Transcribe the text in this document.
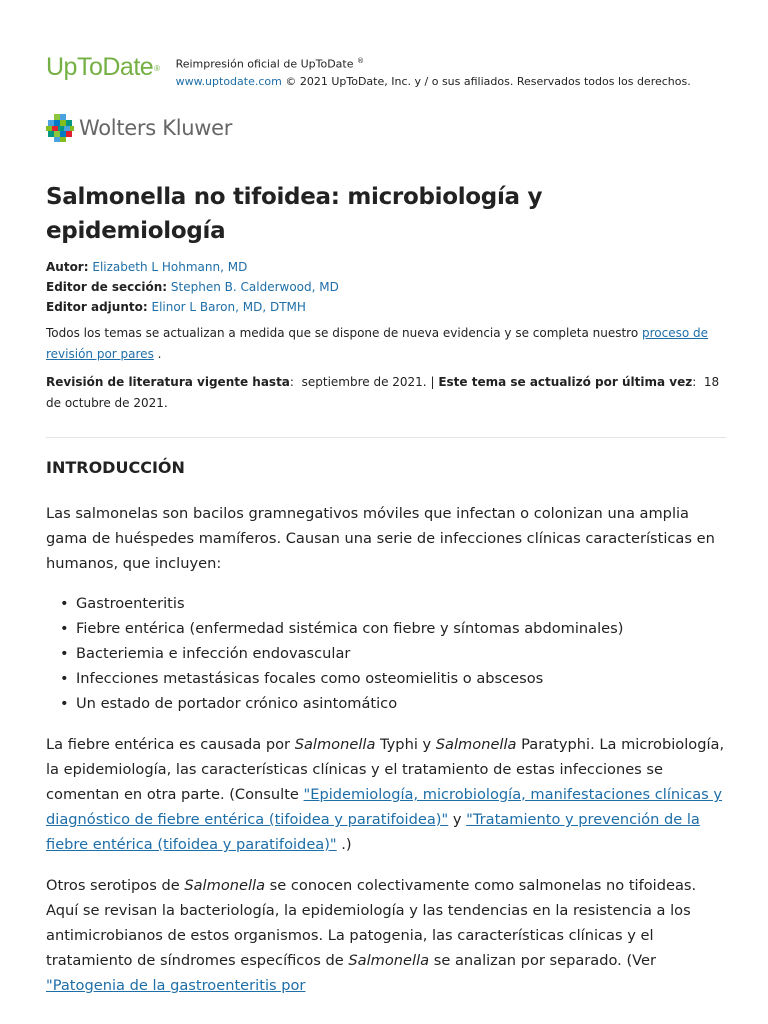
UpToDate® Reimpresión oficial de UpToDate ®
www.uptodate.com © 2021 UpToDate, Inc. y / o sus afiliados. Reservados todos los derechos.
Wolters Kluwer
Salmonella no tifoidea: microbiología y epidemiología
Autor: Elizabeth L Hohmann, MD
Editor de sección: Stephen B. Calderwood, MD
Editor adjunto: Elinor L Baron, MD, DTMH
Todos los temas se actualizan a medida que se dispone de nueva evidencia y se completa nuestro proceso de revisión por pares .
Revisión de literatura vigente hasta: septiembre de 2021. | Este tema se actualizó por última vez: 18 de octubre de 2021.
INTRODUCCIÓN

Las salmonelas son bacilos gramnegativos móviles que infectan o colonizan una amplia gama de huéspedes mamíferos. Causan una serie de infecciones clínicas características en humanos, que incluyen:

• Gastroenteritis
• Fiebre entérica (enfermedad sistémica con fiebre y síntomas abdominales)
• Bacteriemia e infección endovascular
• Infecciones metastásicas focales como osteomielitis o abscesos
• Un estado de portador crónico asintomático

La fiebre entérica es causada por Salmonella Typhi y Salmonella Paratyphi. La microbiología, la epidemiología, las características clínicas y el tratamiento de estas infecciones se comentan en otra parte. (Consulte "Epidemiología, microbiología, manifestaciones clínicas y diagnóstico de fiebre entérica (tifoidea y paratifoidea)" y "Tratamiento y prevención de la fiebre entérica (tifoidea y paratifoidea)" .)

Otros serotipos de Salmonella se conocen colectivamente como salmonelas no tifoideas. Aquí se revisan la bacteriología, la epidemiología y las tendencias en la resistencia a los antimicrobianos de estos organismos. La patogenia, las características clínicas y el tratamiento de síndromes específicos de Salmonella se analizan por separado. (Ver "Patogenia de la gastroenteritis por
